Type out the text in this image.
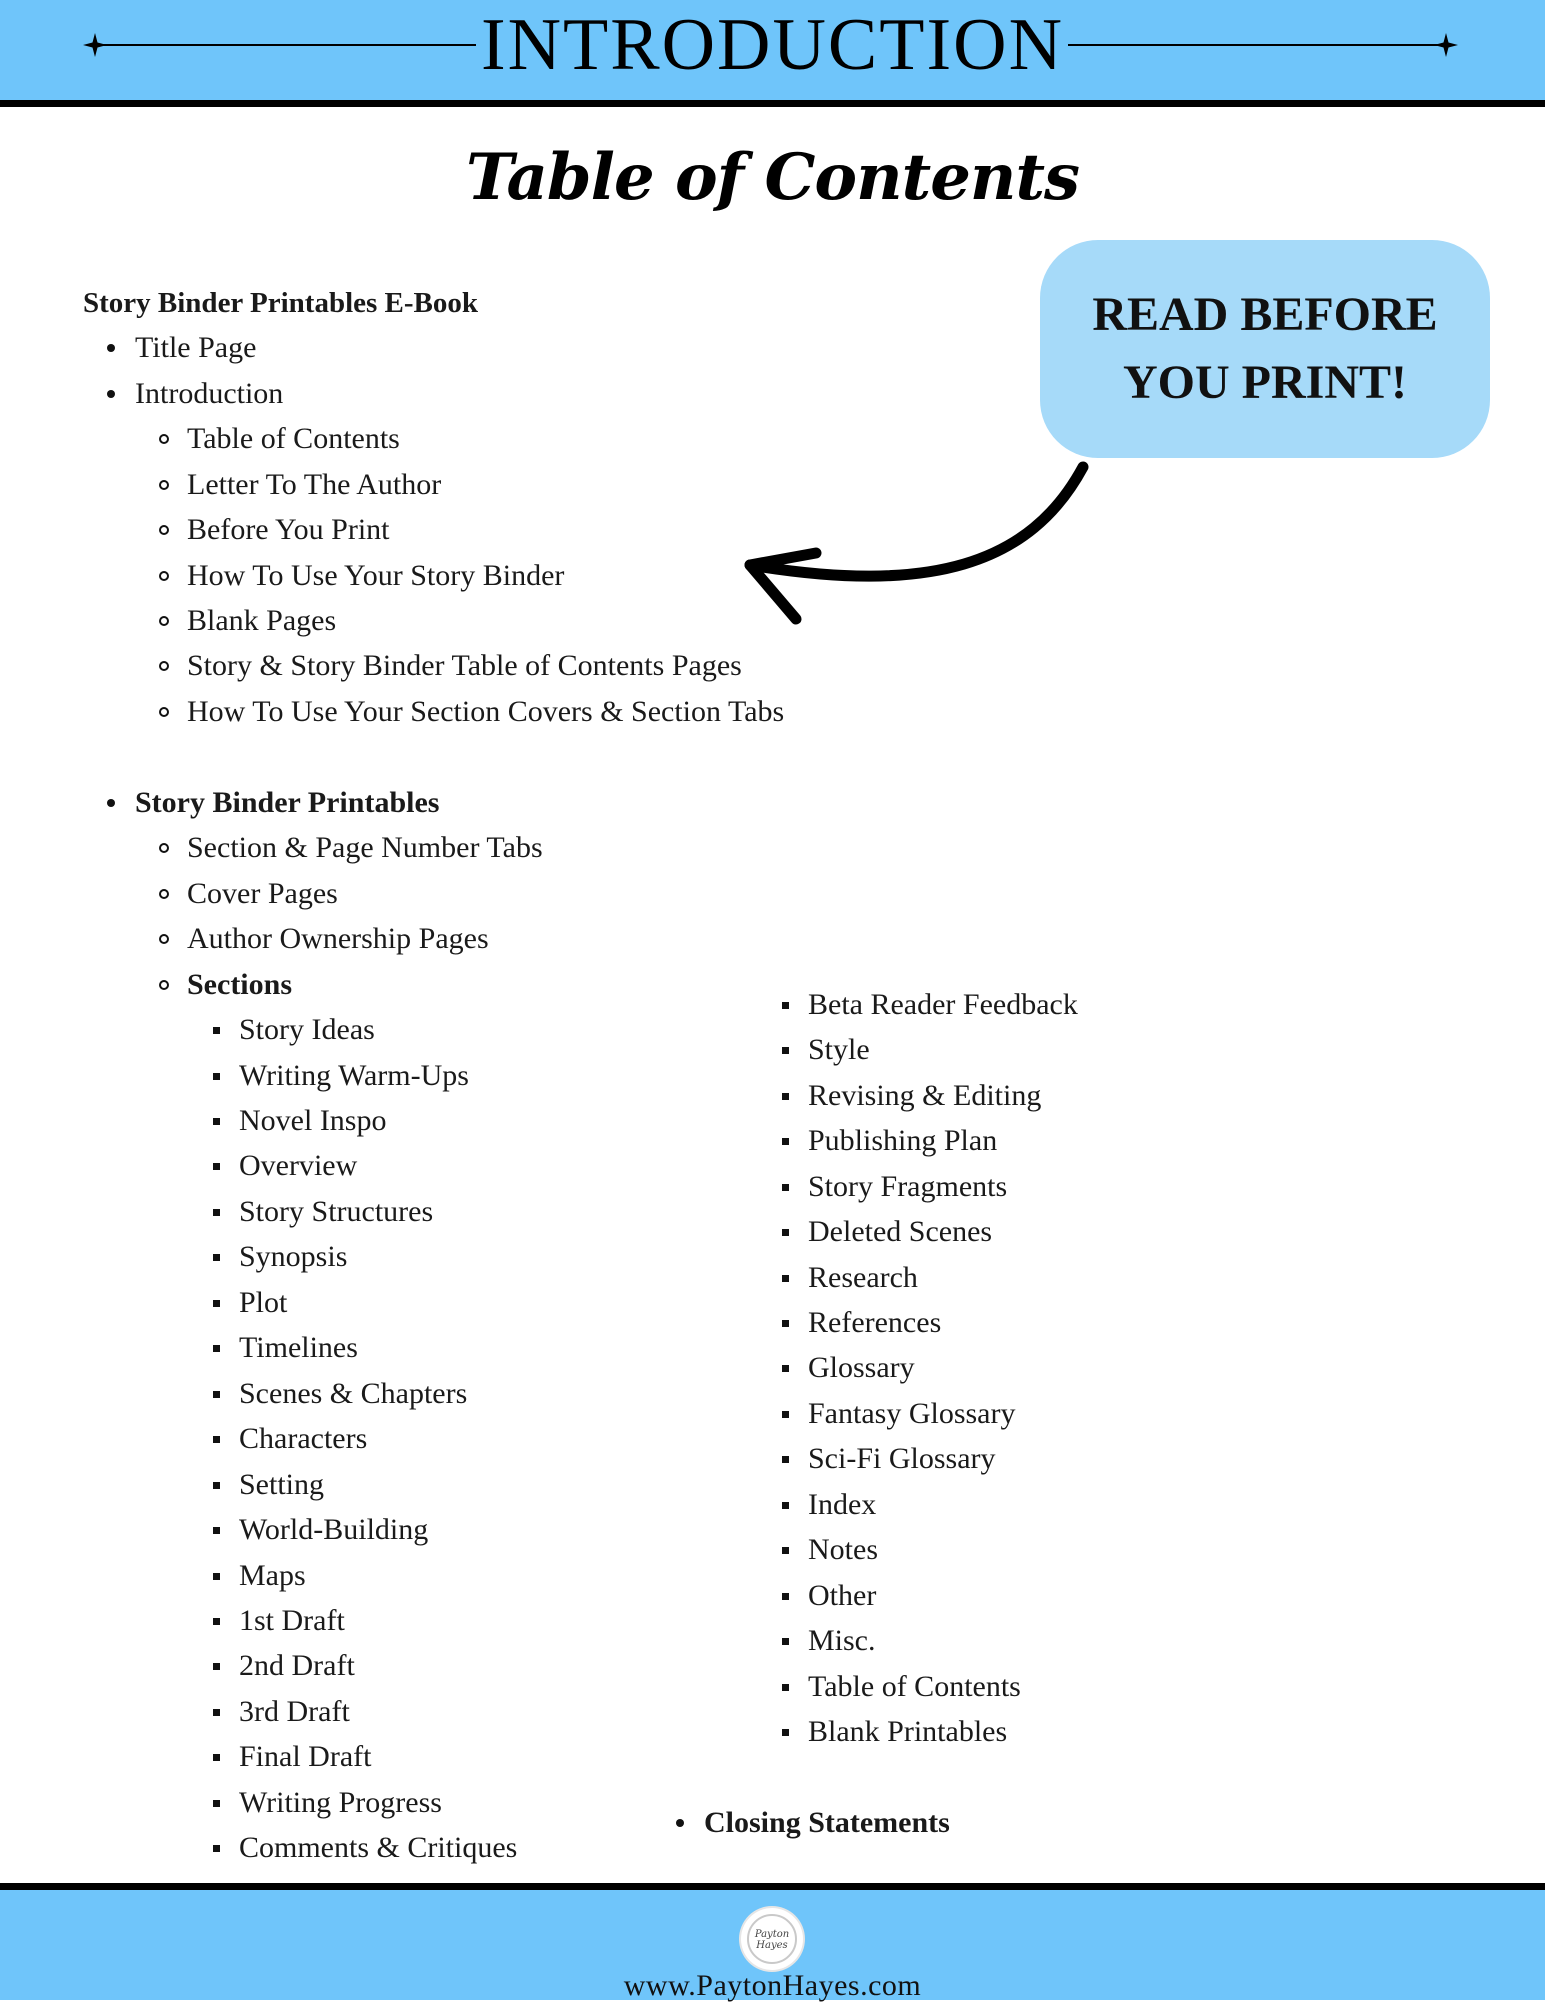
INTRODUCTION
Table of Contents
READ BEFORE YOU PRINT!
Story Binder Printables E-Book
Title Page
Introduction
Table of Contents
Letter To The Author
Before You Print
How To Use Your Story Binder
Blank Pages
Story & Story Binder Table of Contents Pages
How To Use Your Section Covers & Section Tabs
Story Binder Printables
Section & Page Number Tabs
Cover Pages
Author Ownership Pages
Sections
Story Ideas
Writing Warm-Ups
Novel Inspo
Overview
Story Structures
Synopsis
Plot
Timelines
Scenes & Chapters
Characters
Setting
World-Building
Maps
1st Draft
2nd Draft
3rd Draft
Final Draft
Writing Progress
Comments & Critiques
Beta Reader Feedback
Style
Revising & Editing
Publishing Plan
Story Fragments
Deleted Scenes
Research
References
Glossary
Fantasy Glossary
Sci-Fi Glossary
Index
Notes
Other
Misc.
Table of Contents
Blank Printables
Closing Statements
Payton Hayes
www.PaytonHayes.com
